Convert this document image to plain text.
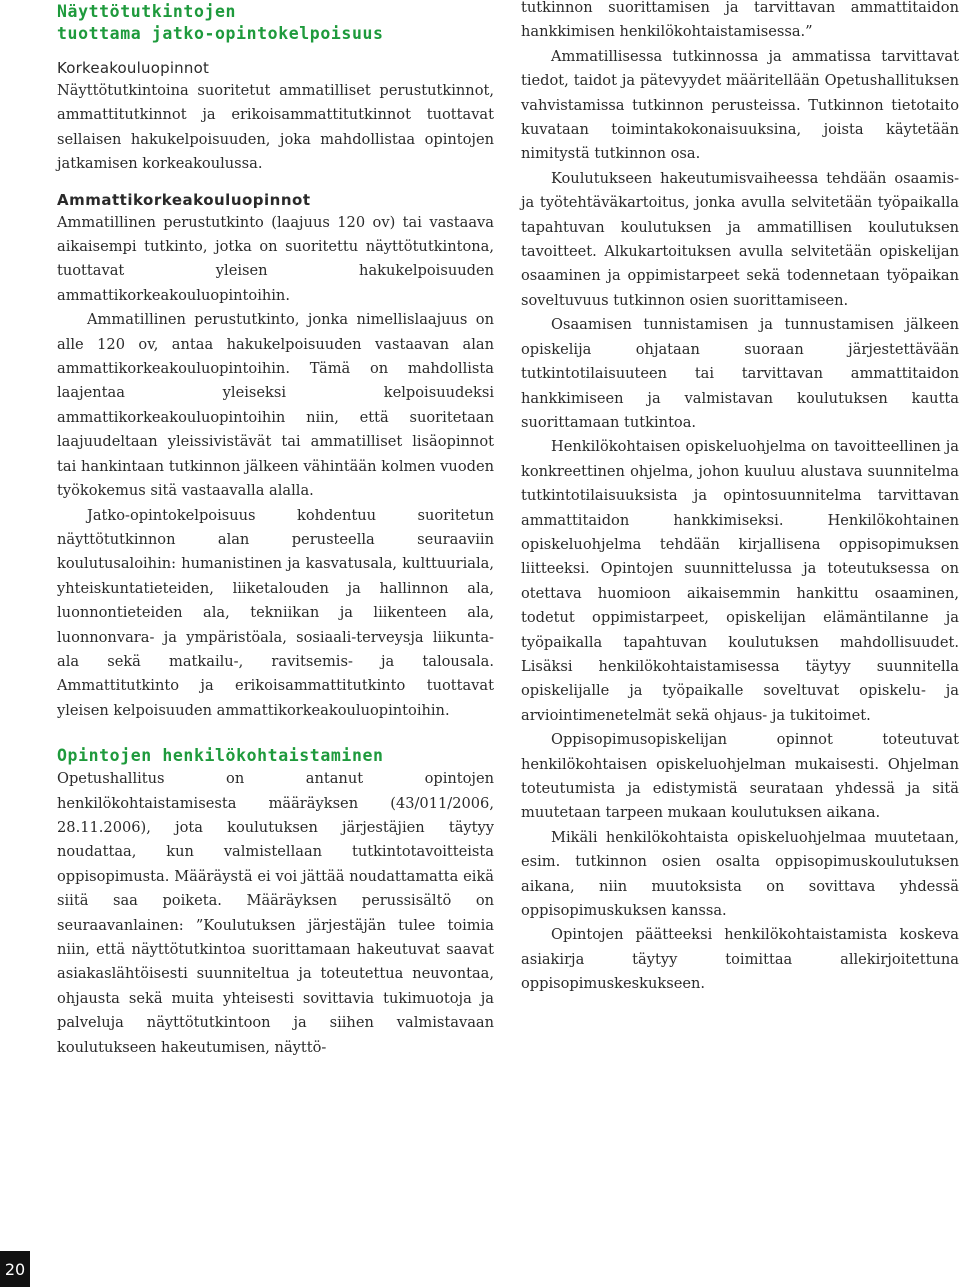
Näyttötutkintojen
tuottama jatko-opintokelpoisuus
Korkeakouluopinnot

Näyttötutkintoina suoritetut ammatilliset perustutkinnot, ammattitutkinnot ja erikoisammattitutkinnot tuottavat sellaisen hakukelpoisuuden, joka mahdollistaa opintojen jatkamisen korkeakoulussa.

Ammattikorkeakouluopinnot

Ammatillinen perustutkinto (laajuus 120 ov) tai vastaava aikaisempi tutkinto, jotka on suoritettu näyttötutkintona, tuottavat yleisen hakukelpoisuuden ammattikorkeakouluopintoihin.

Ammatillinen perustutkinto, jonka nimellislaajuus on alle 120 ov, antaa hakukelpoisuuden vastaavan alan ammattikorkeakouluopintoihin. Tämä on mahdollista laajentaa yleiseksi kelpoisuudeksi ammattikorkeakouluopintoihin niin, että suoritetaan laajuudeltaan yleissivistävät tai ammatilliset lisäopinnot tai hankintaan tutkinnon jälkeen vähintään kolmen vuoden työkokemus sitä vastaavalla alalla.

Jatko-opintokelpoisuus kohdentuu suoritetun näyttötutkinnon alan perusteella seuraaviin koulutusaloihin: humanistinen ja kasvatusala, kulttuuriala, yhteiskuntatieteiden, liiketalouden ja hallinnon ala, luonnontieteiden ala, tekniikan ja liikenteen ala, luonnonvara- ja ympäristöala, sosiaali-terveysja liikunta-ala sekä matkailu-, ravitsemis- ja talousala. Ammattitutkinto ja erikoisammattitutkinto tuottavat yleisen kelpoisuuden ammattikorkeakouluopintoihin.

Opintojen henkilökohtaistaminen

Opetushallitus on antanut opintojen henkilökohtaistamisesta määräyksen (43/011/2006, 28.11.2006), jota koulutuksen järjestäjien täytyy noudattaa, kun valmistellaan tutkintotavoitteista oppisopimusta. Määräystä ei voi jättää noudattamatta eikä siitä saa poiketa. Määräyksen perussisältö on seuraavanlainen: ”Koulutuksen järjestäjän tulee toimia niin, että näyttötutkintoa suorittamaan hakeutuvat saavat asiakaslähtöisesti suunniteltua ja toteutettua neuvontaa, ohjausta sekä muita yhteisesti sovittavia tukimuotoja ja palveluja näyttötutkintoon ja siihen valmistavaan koulutukseen hakeutumisen, näyttö-

tutkinnon suorittamisen ja tarvittavan ammattitaidon hankkimisen henkilökohtaistamisessa.”

Ammatillisessa tutkinnossa ja ammatissa tarvittavat tiedot, taidot ja pätevyydet määritellään Opetushallituksen vahvistamissa tutkinnon perusteissa. Tutkinnon tietotaito kuvataan toimintakokonaisuuksina, joista käytetään nimitystä tutkinnon osa.

Koulutukseen hakeutumisvaiheessa tehdään osaamis- ja työtehtäväkartoitus, jonka avulla selvitetään työpaikalla tapahtuvan koulutuksen ja ammatillisen koulutuksen tavoitteet. Alkukartoituksen avulla selvitetään opiskelijan osaaminen ja oppimistarpeet sekä todennetaan työpaikan soveltuvuus tutkinnon osien suorittamiseen.

Osaamisen tunnistamisen ja tunnustamisen jälkeen opiskelija ohjataan suoraan järjestettävään tutkintotilaisuuteen tai tarvittavan ammattitaidon hankkimiseen ja valmistavan koulutuksen kautta suorittamaan tutkintoa.

Henkilökohtaisen opiskeluohjelma on tavoitteellinen ja konkreettinen ohjelma, johon kuuluu alustava suunnitelma tutkintotilaisuuksista ja opintosuunnitelma tarvittavan ammattitaidon hankkimiseksi. Henkilökohtainen opiskeluohjelma tehdään kirjallisena oppisopimuksen liitteeksi. Opintojen suunnittelussa ja toteutuksessa on otettava huomioon aikaisemmin hankittu osaaminen, todetut oppimistarpeet, opiskelijan elämäntilanne ja työpaikalla tapahtuvan koulutuksen mahdollisuudet. Lisäksi henkilökohtaistamisessa täytyy suunnitella opiskelijalle ja työpaikalle soveltuvat opiskelu- ja arviointimenetelmät sekä ohjaus- ja tukitoimet.

Oppisopimusopiskelijan opinnot toteutuvat henkilökohtaisen opiskeluohjelman mukaisesti. Ohjelman toteutumista ja edistymistä seurataan yhdessä ja sitä muutetaan tarpeen mukaan koulutuksen aikana.

Mikäli henkilökohtaista opiskeluohjelmaa muutetaan, esim. tutkinnon osien osalta oppisopimuskoulutuksen aikana, niin muutoksista on sovittava yhdessä oppisopimuskuksen kanssa.

Opintojen päätteeksi henkilökohtaistamista koskeva asiakirja täytyy toimittaa allekirjoitettuna oppisopimuskeskukseen.

20
